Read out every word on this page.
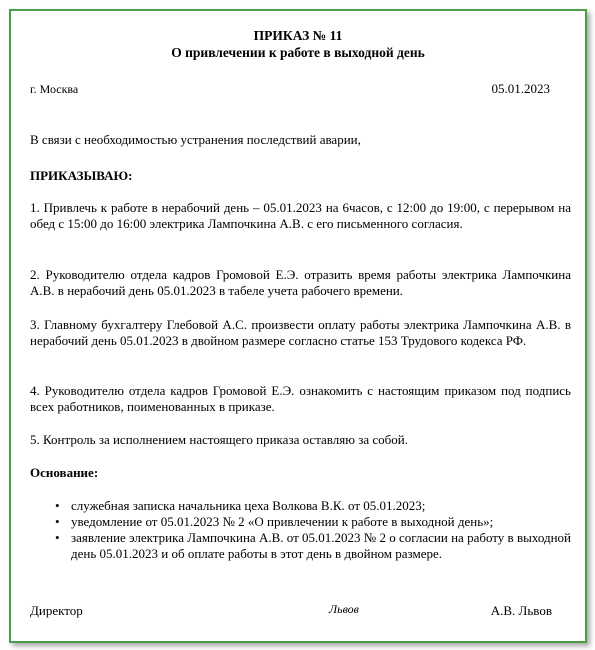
ПРИКАЗ № 11
О привлечении к работе в выходной день
г. Москва	05.01.2023
В связи с необходимостью устранения последствий аварии,
ПРИКАЗЫВАЮ:
1. Привлечь к работе в нерабочий день – 05.01.2023 на 6часов, с 12:00 до 19:00, с перерывом на обед с 15:00 до 16:00 электрика Лампочкина А.В. с его письменного согласия.
2. Руководителю отдела кадров Громовой Е.Э. отразить время работы электрика Лампочкина А.В. в нерабочий день 05.01.2023 в табеле учета рабочего времени.
3. Главному бухгалтеру Глебовой А.С. произвести оплату работы электрика Лампочкина А.В. в нерабочий день 05.01.2023 в двойном размере согласно статье 153 Трудового кодекса РФ.
4. Руководителю отдела кадров Громовой Е.Э. ознакомить с настоящим приказом под подпись всех работников, поименованных в приказе.
5. Контроль за исполнением настоящего приказа оставляю за собой.
Основание:
• служебная записка начальника цеха Волкова В.К. от 05.01.2023;
• уведомление от 05.01.2023 № 2 «О привлечении к работе в выходной день»;
• заявление электрика Лампочкина А.В. от 05.01.2023 № 2 о согласии на работу в выходной день 05.01.2023 и об оплате работы в этот день в двойном размере.
Директор	Львов	А.В. Львов
